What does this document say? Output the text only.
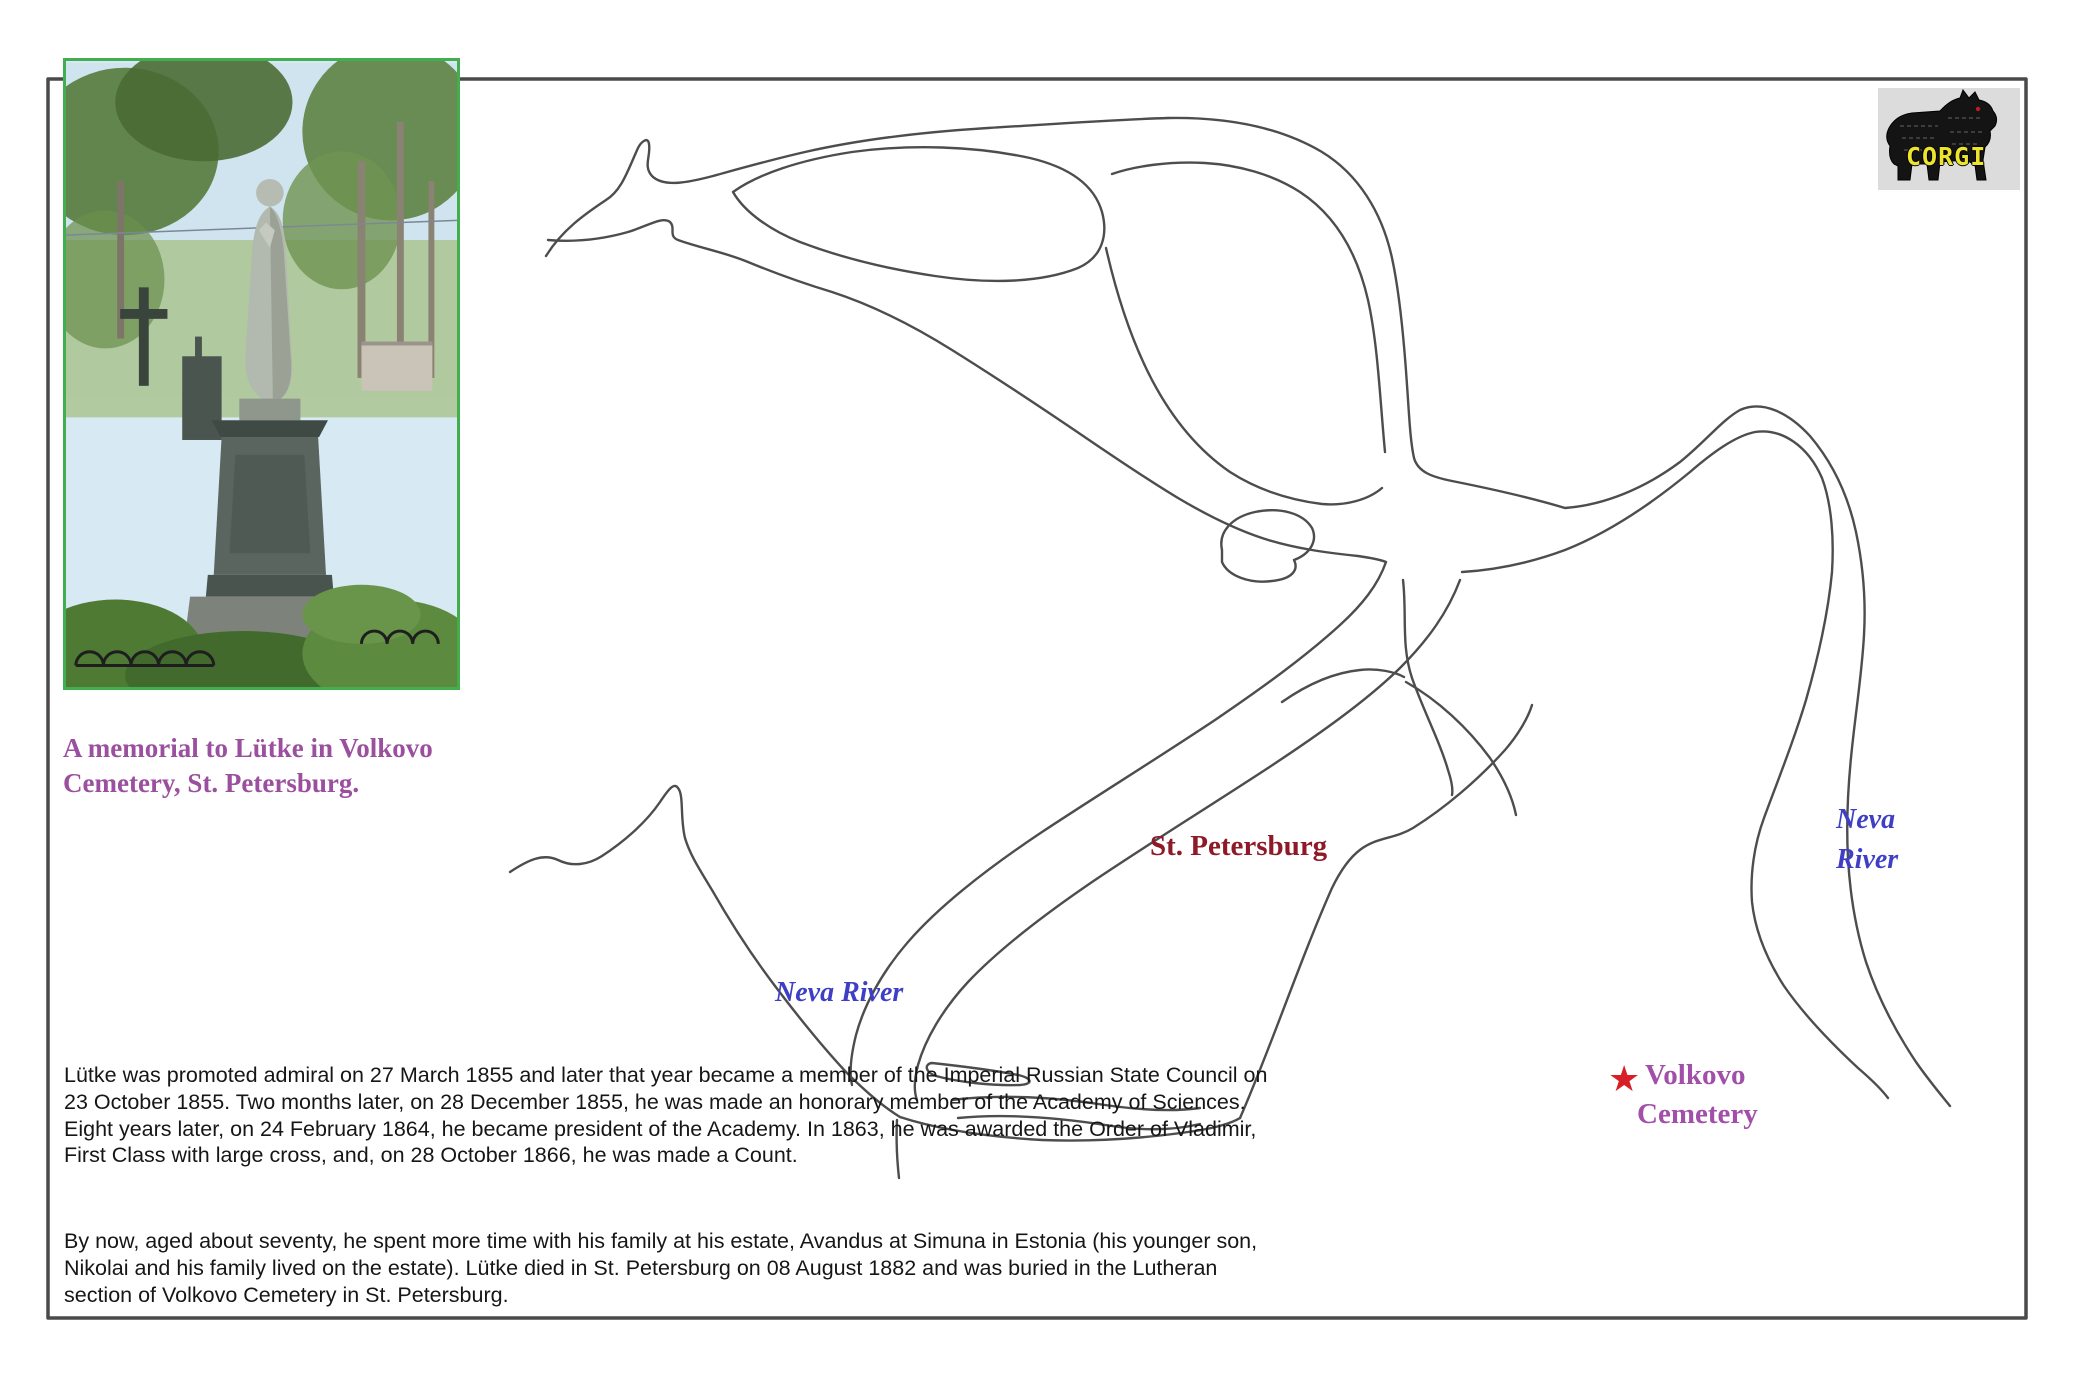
A memorial to Lütke in Volkovo
Cemetery, St. Petersburg.
St. Petersburg
Neva River
Neva
River
★ Volkovo
Cemetery
CORGI

Lütke was promoted admiral on 27 March 1855 and later that year became a member of the Imperial Russian State Council on 23 October 1855. Two months later, on 28 December 1855, he was made an honorary member of the Academy of Sciences. Eight years later, on 24 February 1864, he became president of the Academy. In 1863, he was awarded the Order of Vladimir, First Class with large cross, and, on 28 October 1866, he was made a Count.

By now, aged about seventy, he spent more time with his family at his estate, Avandus at Simuna in Estonia (his younger son, Nikolai and his family lived on the estate). Lütke died in St. Petersburg on 08 August 1882 and was buried in the Lutheran section of Volkovo Cemetery in St. Petersburg.
